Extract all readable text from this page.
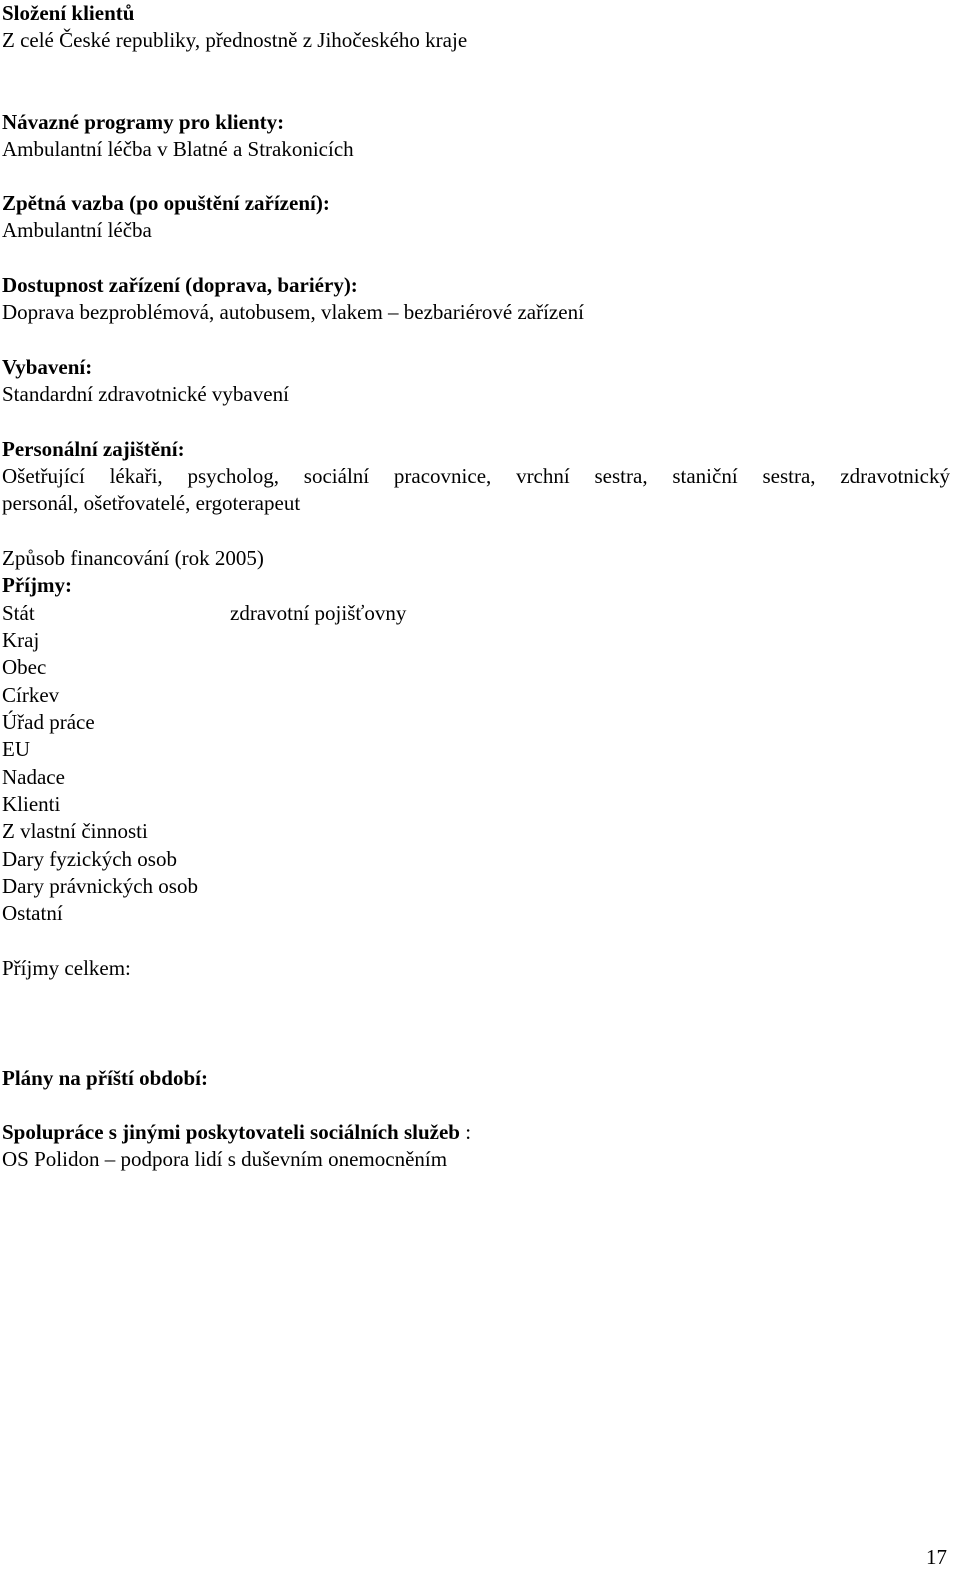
Složení klientů
Z celé České republiky, přednostně z Jihočeského kraje
Návazné programy pro klienty:
Ambulantní léčba v Blatné a Strakonicích
Zpětná vazba (po opuštění zařízení):
Ambulantní léčba
Dostupnost zařízení (doprava, bariéry):
Doprava bezproblémová, autobusem, vlakem – bezbariérové zařízení
Vybavení:
Standardní zdravotnické vybavení
Personální zajištění:
Ošetřující lékaři, psycholog, sociální pracovnice, vrchní sestra, staniční sestra, zdravotnický
personál, ošetřovatelé, ergoterapeut
Způsob financování (rok 2005)
Příjmy:
Stát	zdravotní pojišťovny
Kraj
Obec
Církev
Úřad práce
EU
Nadace
Klienti
Z vlastní činnosti
Dary fyzických osob
Dary právnických osob
Ostatní
Příjmy celkem:
Plány na příští období:
Spolupráce s jinými poskytovateli sociálních služeb :
OS Polidon – podpora lidí s duševním onemocněním
17
